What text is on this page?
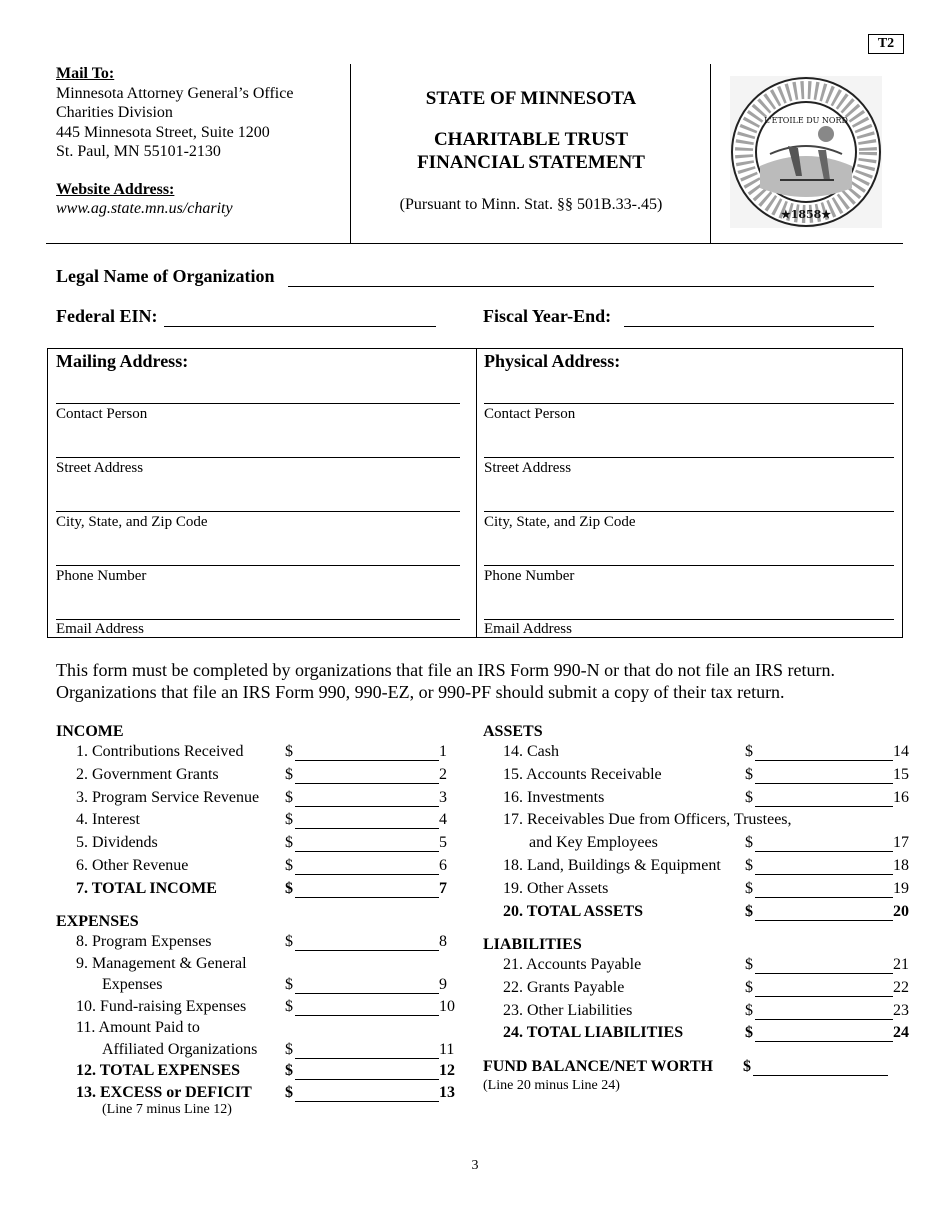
T2
Mail To:
Minnesota Attorney General’s Office
Charities Division
445 Minnesota Street, Suite 1200
St. Paul, MN 55101-2130
Website Address:
www.ag.state.mn.us/charity
STATE OF MINNESOTA
CHARITABLE TRUST
FINANCIAL STATEMENT
(Pursuant to Minn. Stat. §§ 501B.33-.45)
L'ETOILE DU NORD
★1858★
Legal Name of Organization
Federal EIN:	Fiscal Year-End:
Mailing Address:
Contact Person
Street Address
City, State, and Zip Code
Phone Number
Email Address
Physical Address:
Contact Person
Street Address
City, State, and Zip Code
Phone Number
Email Address
This form must be completed by organizations that file an IRS Form 990-N or that do not file an IRS return. Organizations that file an IRS Form 990, 990-EZ, or 990-PF should submit a copy of their tax return.
INCOME
1. Contributions Received	$	1
2. Government Grants	$	2
3. Program Service Revenue $	3
4. Interest	$	4
5. Dividends	$	5
6. Other Revenue	$	6
7. TOTAL INCOME	$	7
EXPENSES
8. Program Expenses	$	8
9. Management & General
Expenses	$	9
10. Fund-raising Expenses $	10
11. Amount Paid to
Affiliated Organizations $	11
12. TOTAL EXPENSES	$	12
13. EXCESS or DEFICIT $	13
(Line 7 minus Line 12)
ASSETS
14. Cash	$	14
15. Accounts Receivable	$	15
16. Investments	$	16
17. Receivables Due from Officers, Trustees,
and Key Employees	$	17
18. Land, Buildings & Equipment $	18
19. Other Assets	$	19
20. TOTAL ASSETS	$	20
LIABILITIES
21. Accounts Payable	$	21
22. Grants Payable	$	22
23. Other Liabilities	$	23
24. TOTAL LIABILITIES	$	24
FUND BALANCE/NET WORTH $
(Line 20 minus Line 24)
3
